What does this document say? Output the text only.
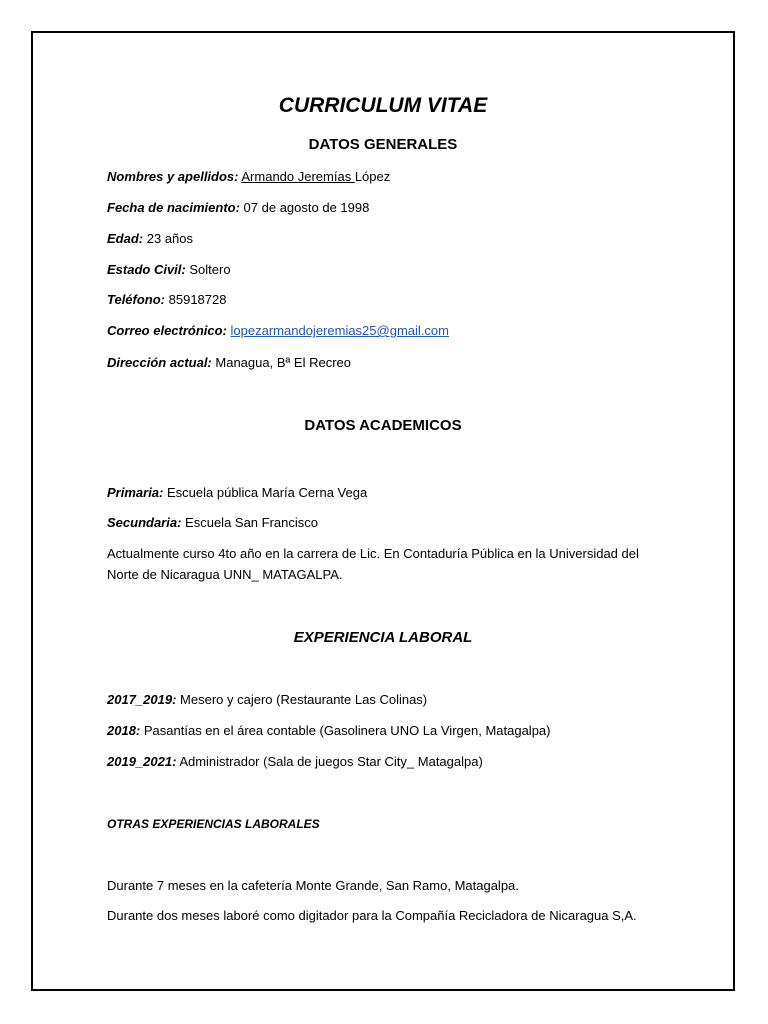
CURRICULUM VITAE
DATOS GENERALES
Nombres y apellidos: Armando Jeremías López
Fecha de nacimiento: 07 de agosto de 1998
Edad: 23 años
Estado Civil: Soltero
Teléfono: 85918728
Correo electrónico: lopezarmandojeremias25@gmail.com
Dirección actual: Managua, Bª El Recreo
DATOS ACADEMICOS
Primaria: Escuela pública María Cerna Vega
Secundaria: Escuela San Francisco
Actualmente curso 4to año en la carrera de Lic. En Contaduría Pública en la Universidad del Norte de Nicaragua UNN_ MATAGALPA.
EXPERIENCIA LABORAL
2017_2019: Mesero y cajero (Restaurante Las Colinas)
2018: Pasantías en el área contable (Gasolinera UNO La Virgen, Matagalpa)
2019_2021: Administrador (Sala de juegos Star City_ Matagalpa)
OTRAS EXPERIENCIAS LABORALES
Durante 7 meses en la cafetería Monte Grande, San Ramo, Matagalpa.
Durante dos meses laboré como digitador para la Compañía Recicladora de Nicaragua S,A.
